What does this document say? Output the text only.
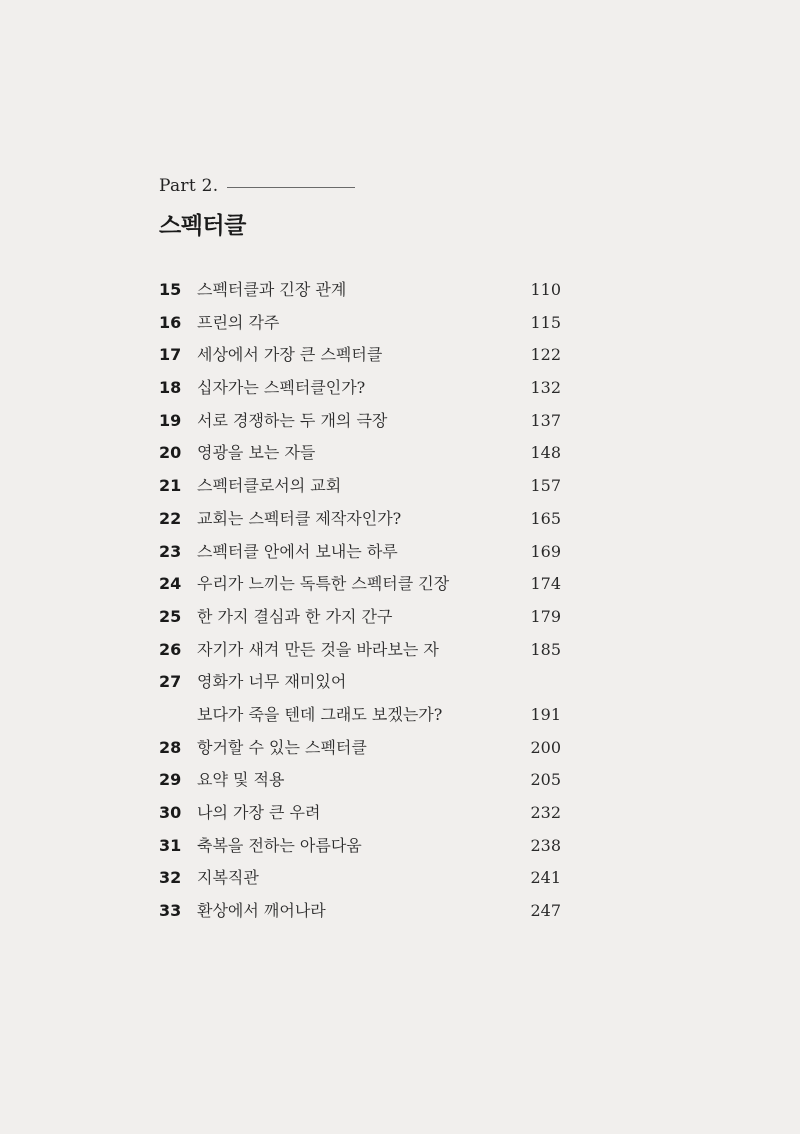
Part 2.
스펙터클
15 스펙터클과 긴장 관계	110
16 프린의 각주	115
17 세상에서 가장 큰 스펙터클	122
18 십자가는 스펙터클인가?	132
19 서로 경쟁하는 두 개의 극장	137
20 영광을 보는 자들	148
21 스펙터클로서의 교회	157
22 교회는 스펙터클 제작자인가?	165
23 스펙터클 안에서 보내는 하루	169
24 우리가 느끼는 독특한 스펙터클 긴장	174
25 한 가지 결심과 한 가지 간구	179
26 자기가 새겨 만든 것을 바라보는 자	185
27 영화가 너무 재미있어
보다가 죽을 텐데 그래도 보겠는가?	191
28 항거할 수 있는 스펙터클	200
29 요약 및 적용	205
30 나의 가장 큰 우려	232
31 축복을 전하는 아름다움	238
32 지복직관	241
33 환상에서 깨어나라	247
